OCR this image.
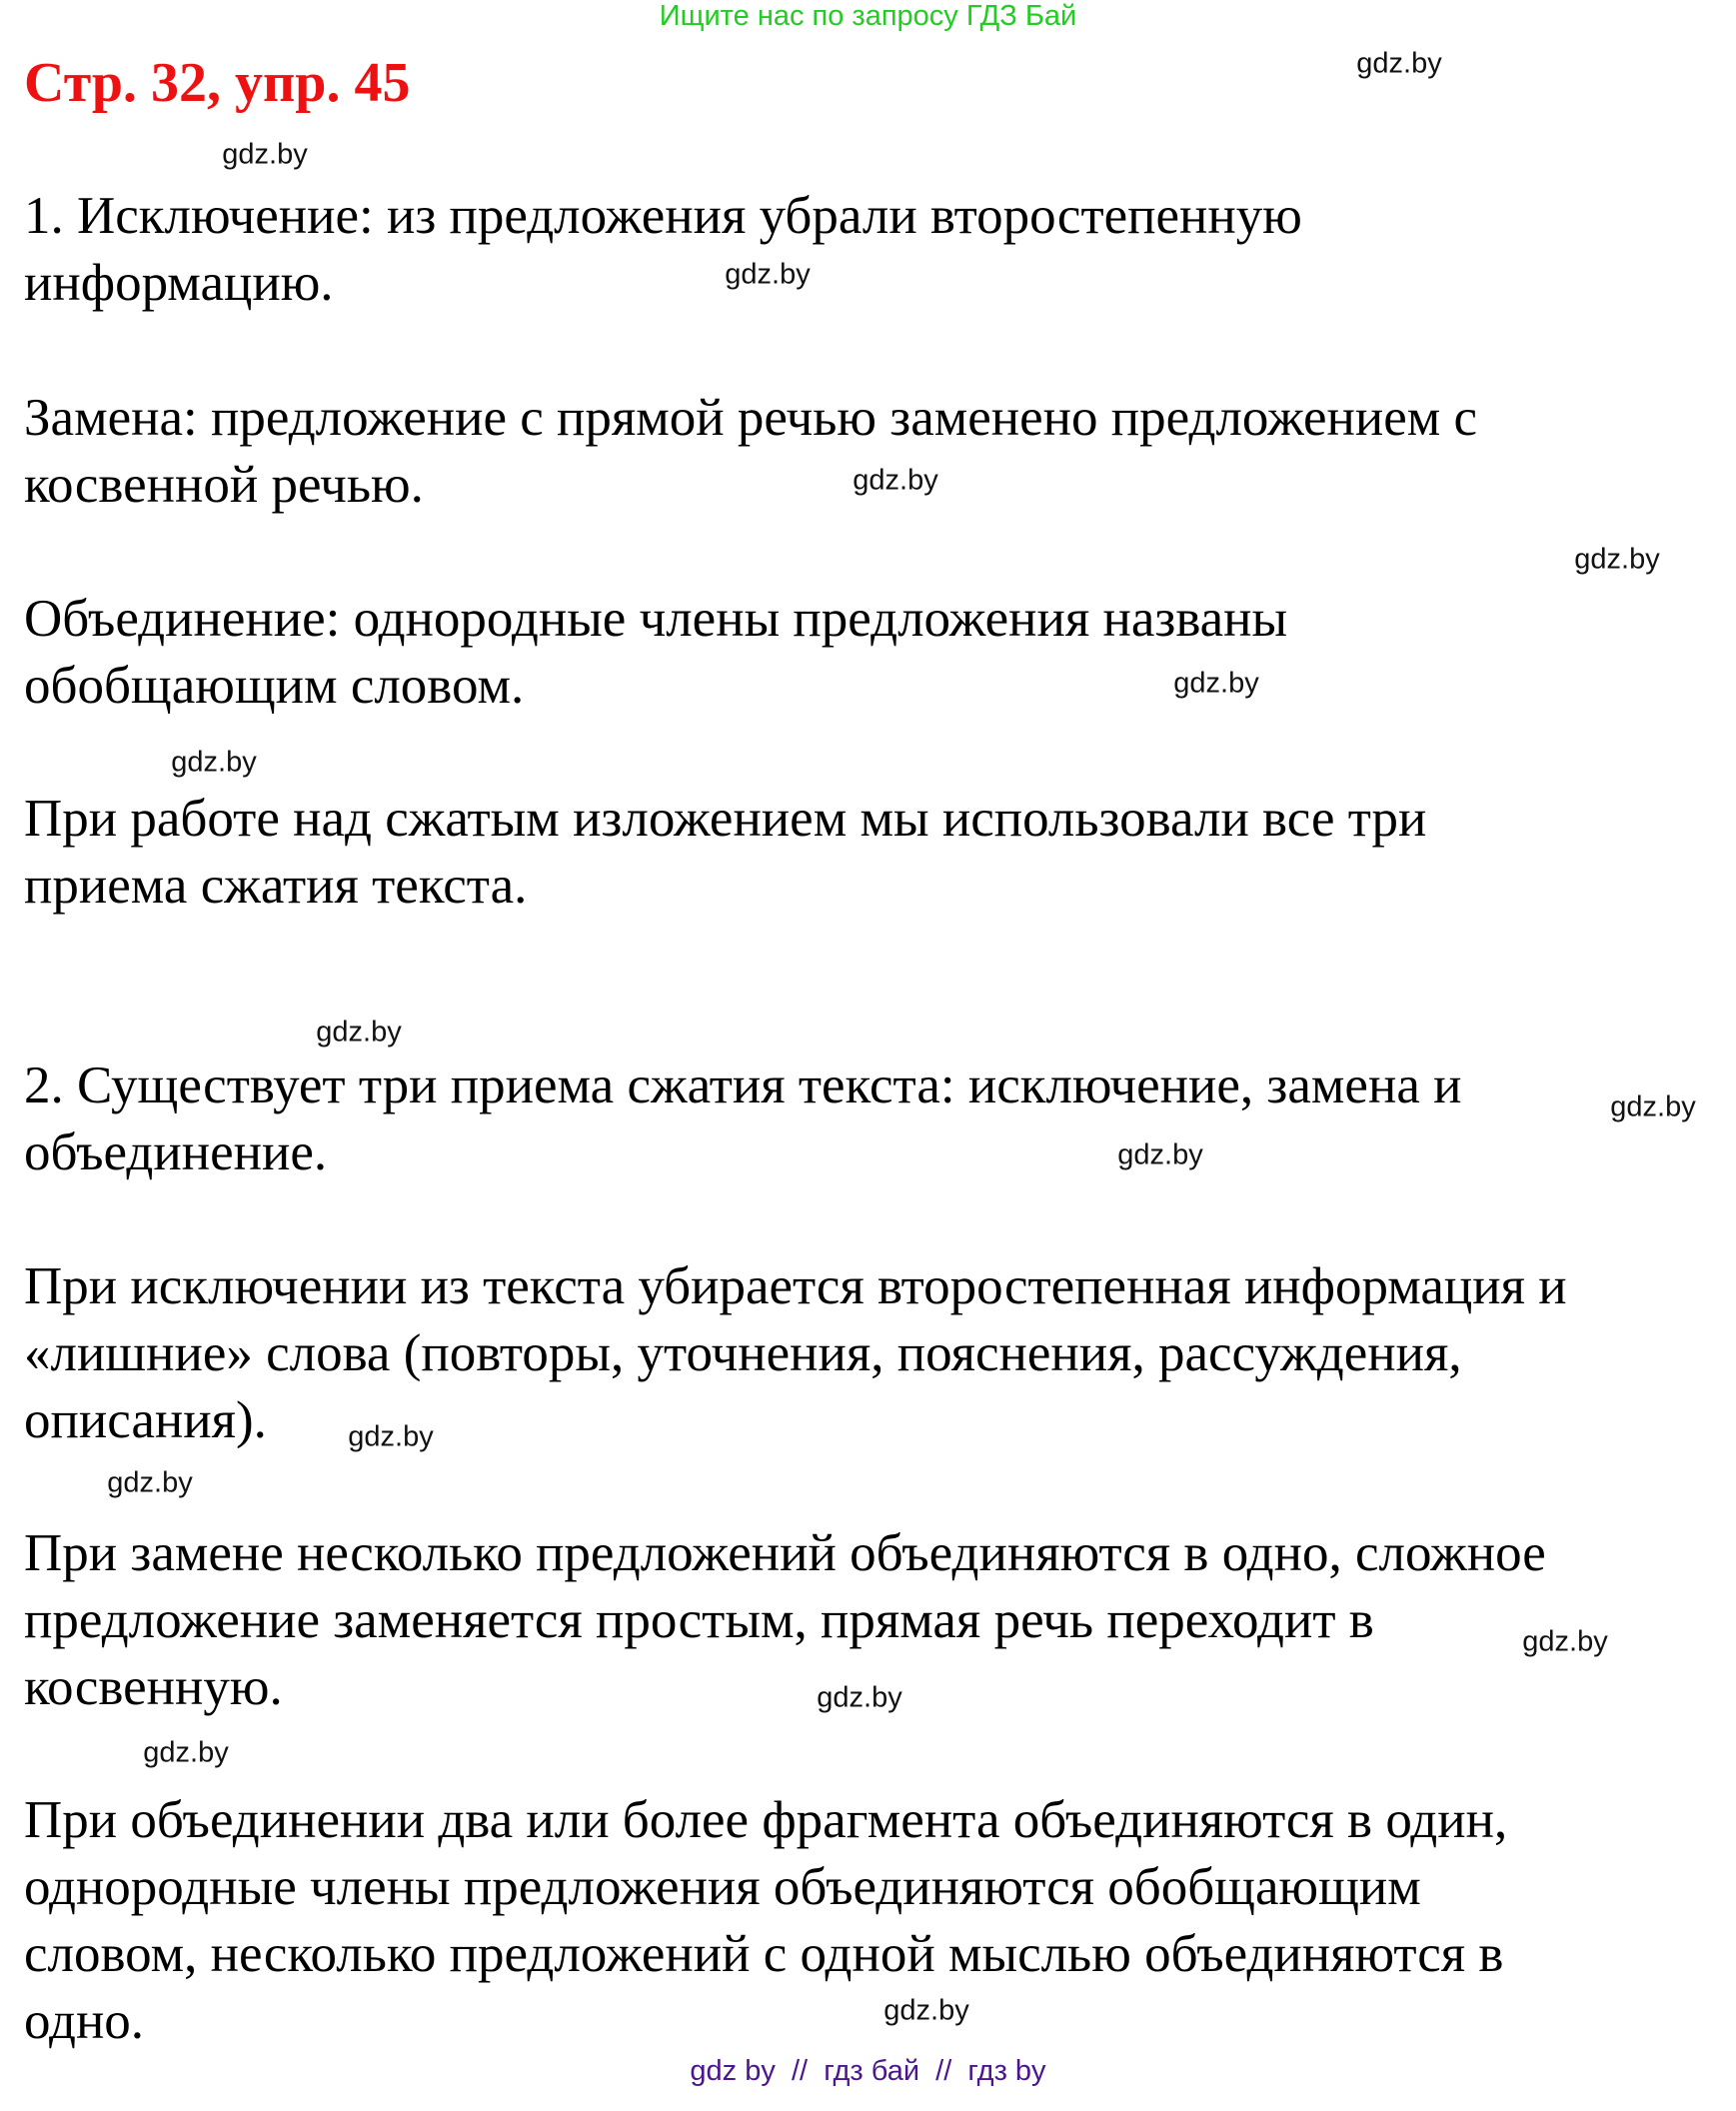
Ищите нас по запросу ГДЗ Бай
Стр. 32, упр. 45
1. Исключение: из предложения убрали второстепенную
информацию.
Замена: предложение с прямой речью заменено предложением с
косвенной речью.
Объединение: однородные члены предложения названы
обобщающим словом.
При работе над сжатым изложением мы использовали все три
приема сжатия текста.
2. Существует три приема сжатия текста: исключение, замена и
объединение.
При исключении из текста убирается второстепенная информация и
«лишние» слова (повторы, уточнения, пояснения, рассуждения,
описания).
При замене несколько предложений объединяются в одно, сложное
предложение заменяется простым, прямая речь переходит в
косвенную.
При объединении два или более фрагмента объединяются в один,
однородные члены предложения объединяются обобщающим
словом, несколько предложений с одной мыслью объединяются в
одно.
gdz.by
gdz.by
gdz.by
gdz.by
gdz.by
gdz.by
gdz.by
gdz.by
gdz.by
gdz.by
gdz.by
gdz.by
gdz.by
gdz.by
gdz.by
gdz.by
gdz by  //  гдз бай  //  гдз by
